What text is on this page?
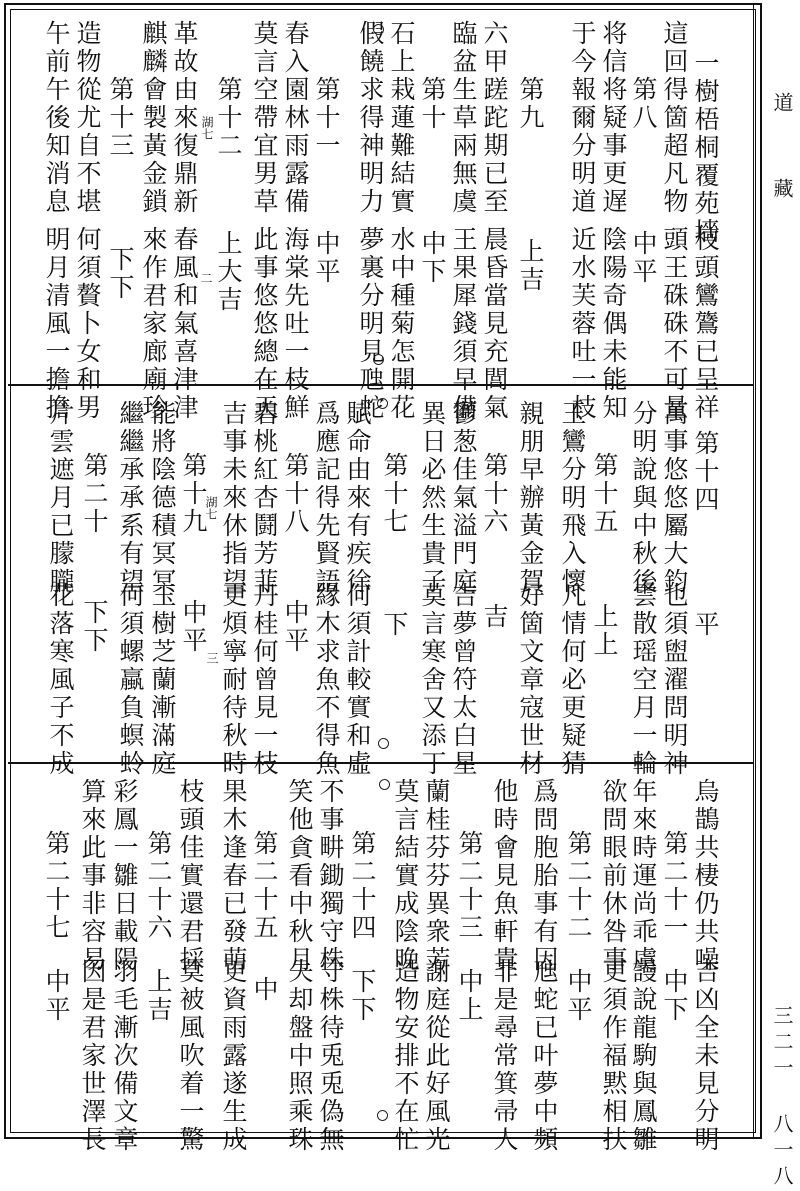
道
藏
三二一 八一八
一樹梧桐覆苑墻
枝頭鸞鷟已呈祥
這回得箇超凡物
頭王硃硃不可量
第八
中平
将信将疑事更遅
陰陽奇偶未能知
于今報爾分明道
近水芙蓉吐一枝
第九
上吉
六甲蹉跎期已至
晨昏當見充閭氣
臨盆生草兩無虞
王果犀錢須早備
第十
中下
石上栽蓮難結實
水中種菊怎開花
假饒求得神明力
夢裏分明見虺蛇
第十一
中平
春入園林雨露備
海棠先吐一枝鮮
莫言空帶宜男草
此事悠悠總在天
第十二
湖七
上大吉
革故由來復鼎新
春風和氣喜津津
麒麟會製黃金鎖
來作君家廊廟珍
第十三
下下
造物從尤自不堪
何須贅卜女和男
午前午後知消息
明月清風一擔擔	二
第十四
平
萬事悠悠屬大鈞
也須盥濯問明神
分明說與中秋後
雲散瑶空月一輪
第十五
上上
玉鸞分明飛入懷
凡情何必更疑猜
親朋早辦黃金賀
好箇文章寇世材
第十六
吉
鬱葱佳氣溢門庭
吉夢曾符太白星
異日必然生貴子
莫言寒舍又添丁
第十七
下
賦命由來有疾徐
何須計較實和虛
爲應記得先賢語
緣木求魚不得魚
第十八
中平
碧桃紅杏鬪芳菲
丹桂何曾見一枝
吉事未來休指望
更煩寧耐待秋時
第十九
湖七
中平
能將陰德積冥冥
玉樹芝蘭漸滿庭
繼繼承承系有望
何須螺蠃負螟蛉
第二十
下下
片雲遮月已朦朧
花落寒風子不成	三
烏鵲共棲仍共噪
吉凶全未見分明
第二十一
中下
年來時運尚乖虞
謾說龍駒與鳳雛
欲問眼前休咎事
更須作福黙相扶
第二十二
中平
爲問胞胎事有因
虺蛇已叶夢中頻
他時會見魚軒貴
非是尋常箕帚人
第二十三
中上
蘭桂芬芬異衆芳
謝庭從此好風光
莫言結實成陰晚
造物安排不在忙
第二十四
下下
不事畊鋤獨守株
守株待兎兎偽無
笑他貪看中秋月
失却盤中照乘珠
第二十五
中
果木逢春已發萌
更資雨露遂生成
枝頭佳實還君採
莫被風吹着一驚
第二十六
上吉
彩鳳一雛日載陽
羽毛漸次備文章
算來此事非容易
因是君家世澤長
第二十七
中平
